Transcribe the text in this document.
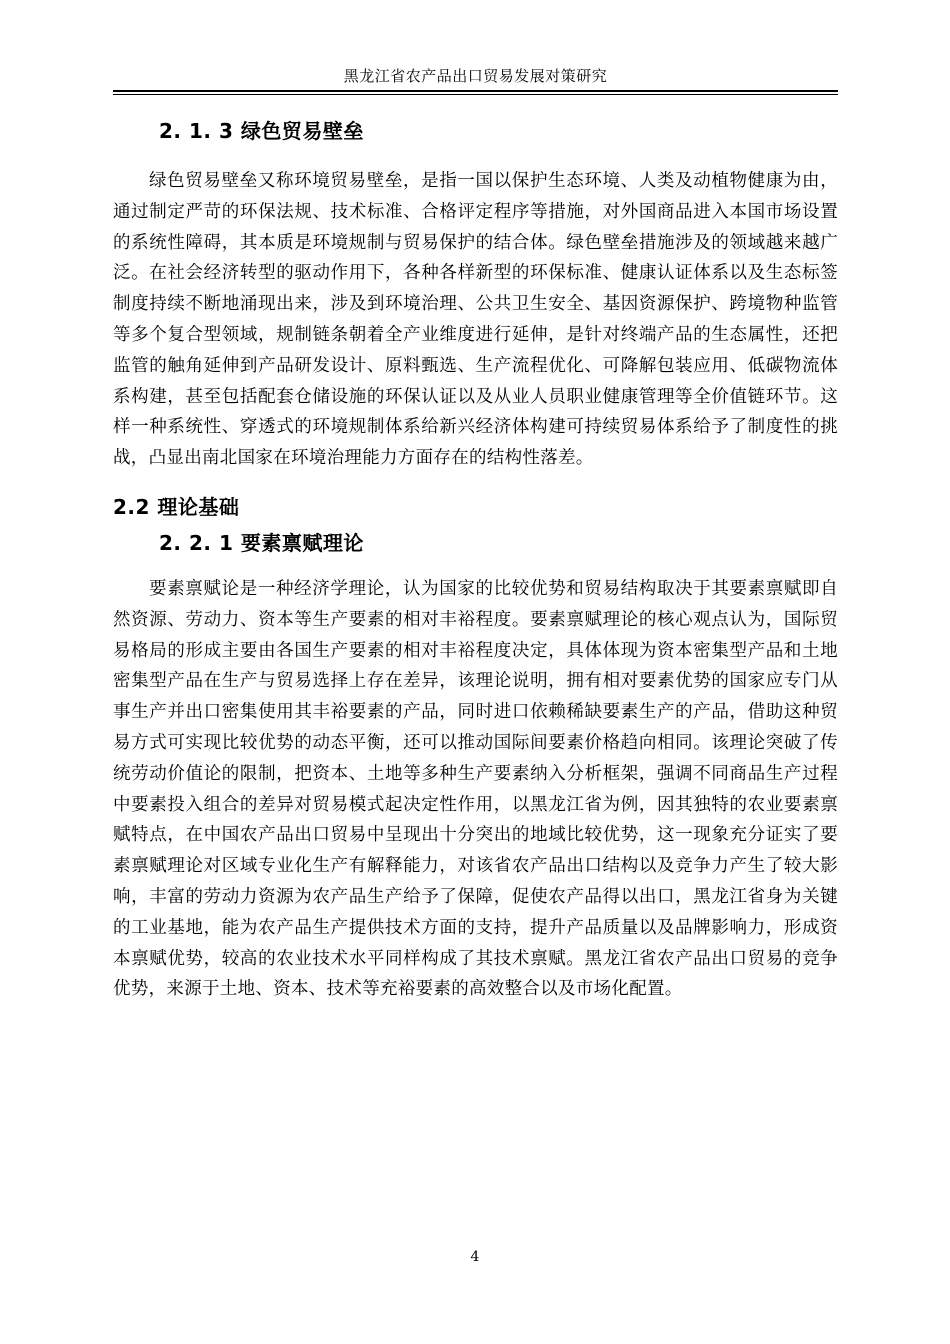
黑龙江省农产品出口贸易发展对策研究
2. 1. 3 绿色贸易壁垒

绿色贸易壁垒又称环境贸易壁垒，是指一国以保护生态环境、人类及动植物健康为由，通过制定严苛的环保法规、技术标准、合格评定程序等措施，对外国商品进入本国市场设置的系统性障碍，其本质是环境规制与贸易保护的结合体。绿色壁垒措施涉及的领域越来越广泛。在社会经济转型的驱动作用下，各种各样新型的环保标准、健康认证体系以及生态标签制度持续不断地涌现出来，涉及到环境治理、公共卫生安全、基因资源保护、跨境物种监管等多个复合型领域，规制链条朝着全产业维度进行延伸，是针对终端产品的生态属性，还把监管的触角延伸到产品研发设计、原料甄选、生产流程优化、可降解包装应用、低碳物流体系构建，甚至包括配套仓储设施的环保认证以及从业人员职业健康管理等全价值链环节。这样一种系统性、穿透式的环境规制体系给新兴经济体构建可持续贸易体系给予了制度性的挑战，凸显出南北国家在环境治理能力方面存在的结构性落差。

2.2 理论基础
2. 2. 1 要素禀赋理论

要素禀赋论是一种经济学理论，认为国家的比较优势和贸易结构取决于其要素禀赋即自然资源、劳动力、资本等生产要素的相对丰裕程度。要素禀赋理论的核心观点认为，国际贸易格局的形成主要由各国生产要素的相对丰裕程度决定，具体体现为资本密集型产品和土地密集型产品在生产与贸易选择上存在差异，该理论说明，拥有相对要素优势的国家应专门从事生产并出口密集使用其丰裕要素的产品，同时进口依赖稀缺要素生产的产品，借助这种贸易方式可实现比较优势的动态平衡，还可以推动国际间要素价格趋向相同。该理论突破了传统劳动价值论的限制，把资本、土地等多种生产要素纳入分析框架，强调不同商品生产过程中要素投入组合的差异对贸易模式起决定性作用，以黑龙江省为例，因其独特的农业要素禀赋特点，在中国农产品出口贸易中呈现出十分突出的地域比较优势，这一现象充分证实了要素禀赋理论对区域专业化生产有解释能力，对该省农产品出口结构以及竞争力产生了较大影响，丰富的劳动力资源为农产品生产给予了保障，促使农产品得以出口，黑龙江省身为关键的工业基地，能为农产品生产提供技术方面的支持，提升产品质量以及品牌影响力，形成资本禀赋优势，较高的农业技术水平同样构成了其技术禀赋。黑龙江省农产品出口贸易的竞争优势，来源于土地、资本、技术等充裕要素的高效整合以及市场化配置。

4
